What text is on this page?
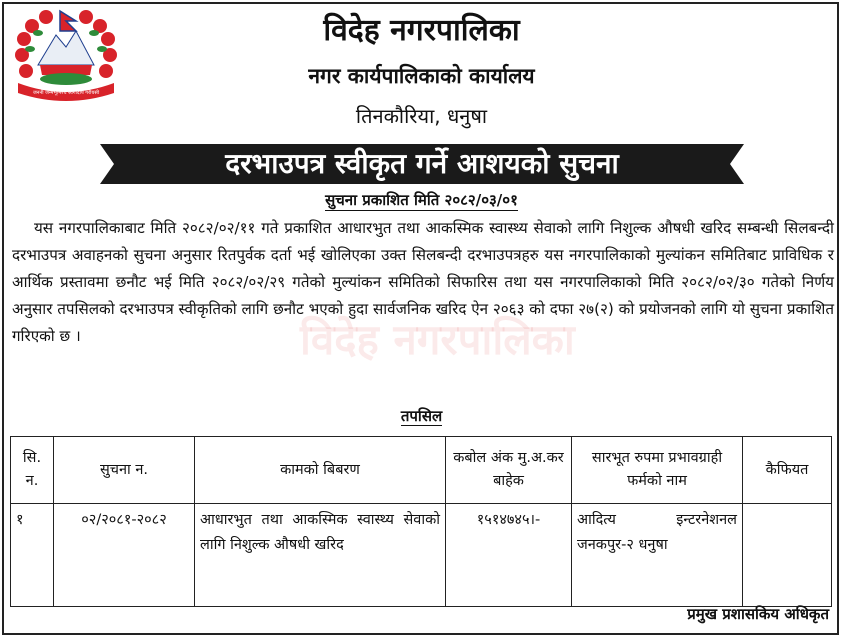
जननी जन्मभूमिश्च स्वर्गादपि गरीयसी
विदेह नगरपालिका
नगर कार्यपालिकाको कार्यालय
तिनकौरिया, धनुषा
दरभाउपत्र स्वीकृत गर्ने आशयको सुचना
सुचना प्रकाशित मिति २०८२/०३/०१
यस नगरपालिकाबाट मिति २०८२/०२/११ गते प्रकाशित आधारभुत तथा आकस्मिक स्वास्थ्य सेवाको लागि निशुल्क औषधी खरिद सम्बन्धी सिलबन्दी दरभाउपत्र अवाहनको सुचना अनुसार रितपुर्वक दर्ता भई खोलिएका उक्त सिलबन्दी दरभाउपत्रहरु यस नगरपालिकाको मुल्यांकन समितिबाट प्राविधिक र आर्थिक प्रस्तावमा छनौट भई मिति २०८२/०२/२९ गतेको मुल्यांकन समितिको सिफारिस तथा यस नगरपालिकाको मिति २०८२/०२/३० गतेको निर्णय अनुसार तपसिलको दरभाउपत्र स्वीकृतिको लागि छनौट भएको हुदा सार्वजनिक खरिद ऐन २०६३ को दफा २७(२) को प्रयोजनको लागि यो सुचना प्रकाशित गरिएको छ ।	विदेह नगरपालिका
तपसिल
सि. न.	सुचना न.	कामको बिबरण	कबोल अंक मु.अ.कर बाहेक	सारभूत रुपमा प्रभावग्राही फर्मको नाम	कैफियत
१	०२/२०८१-२०८२	आधारभुत तथा आकस्मिक स्वास्थ्य सेवाको लागि निशुल्क औषधी खरिद	१५१४७४५।-	आदित्य इन्टरनेशनल जनकपुर-२ धनुषा	
प्रमुख प्रशासकिय अधिकृत
